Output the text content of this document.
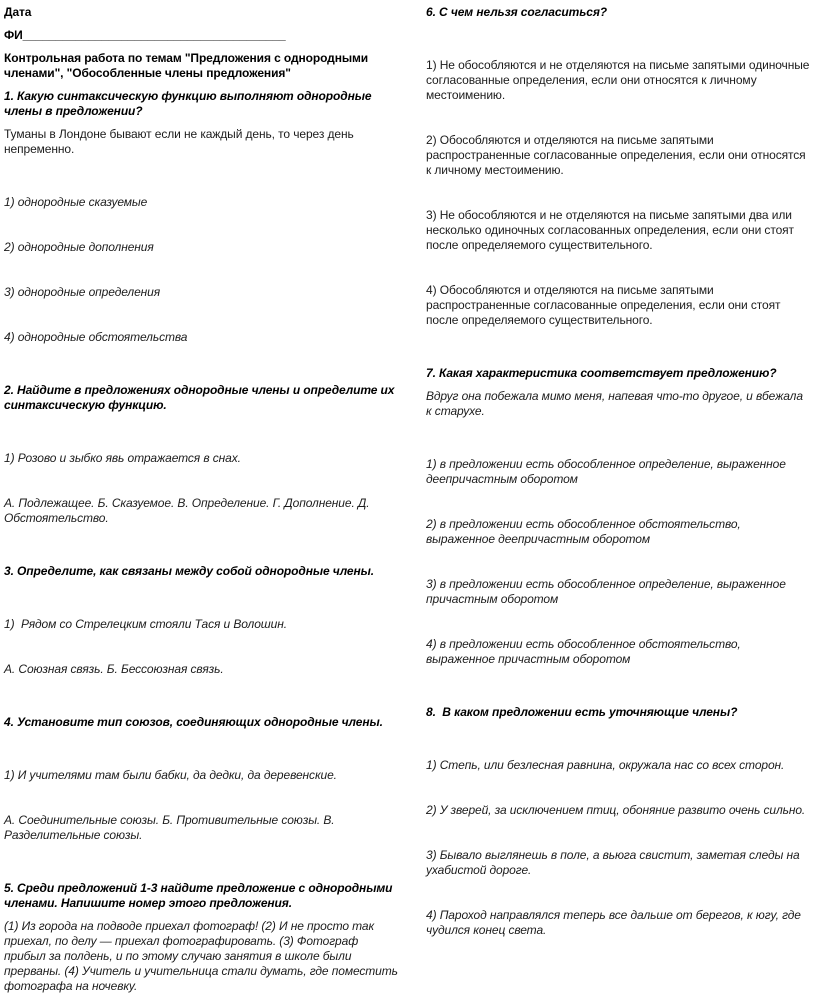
Дата

ФИ________________________________________

Контрольная работа по темам "Предложения с однородными членами", "Обособленные члены предложения"

1. Какую синтаксическую функцию выполняют однородные члены в предложении?

Туманы в Лондоне бывают если не каждый день, то через день непременно.

1) однородные сказуемые

2) однородные дополнения

3) однородные определения

4) однородные обстоятельства

2. Найдите в предложениях однородные члены и определите их синтаксическую функцию.

1) Розово и зыбко явь отражается в снах.

А. Подлежащее. Б. Сказуемое. В. Определение. Г. Дополнение. Д. Обстоятельство.

3. Определите, как связаны между собой однородные члены.

1)  Рядом со Стрелецким стояли Тася и Волошин.

А. Союзная связь. Б. Бессоюзная связь.

4. Установите тип союзов, соединяющих однородные члены.

1) И учителями там были бабки, да дедки, да деревенские.

А. Соединительные союзы. Б. Противительные союзы. В. Разделительные союзы.

5. Среди предложений 1-3 найдите предложение с однородными членами. Напишите номер этого предложения.

(1) Из города на подводе приехал фотограф! (2) И не просто так приехал, по делу — приехал фотографировать. (3) Фотограф прибыл за полдень, и по этому случаю занятия в школе были прерваны. (4) Учитель и учительница стали думать, где поместить фотографа на ночевку.

6. С чем нельзя согласиться?

1) Не обособляются и не отделяются на письме запятыми одиночные согласованные определения, если они относятся к личному местоимению.

2) Обособляются и отделяются на письме запятыми распространенные согласованные определения, если они относятся к личному местоимению.

3) Не обособляются и не отделяются на письме запятыми два или несколько одиночных согласованных определения, если они стоят после определяемого существительного.

4) Обособляются и отделяются на письме запятыми распространенные согласованные определения, если они стоят после определяемого существительного.

7. Какая характеристика соответствует предложению?

Вдруг она побежала мимо меня, напевая что-то другое, и вбежала к старухе.

1) в предложении есть обособленное определение, выраженное деепричастным оборотом

2) в предложении есть обособленное обстоятельство, выраженное деепричастным оборотом

3) в предложении есть обособленное определение, выраженное причастным оборотом

4) в предложении есть обособленное обстоятельство, выраженное причастным оборотом

8.  В каком предложении есть уточняющие члены?

1) Степь, или безлесная равнина, окружала нас со всех сторон.

2) У зверей, за исключением птиц, обоняние развито очень сильно.

3) Бывало выглянешь в поле, а вьюга свистит, заметая следы на ухабистой дороге.

4) Пароход направлялся теперь все дальше от берегов, к югу, где чудился конец света.
